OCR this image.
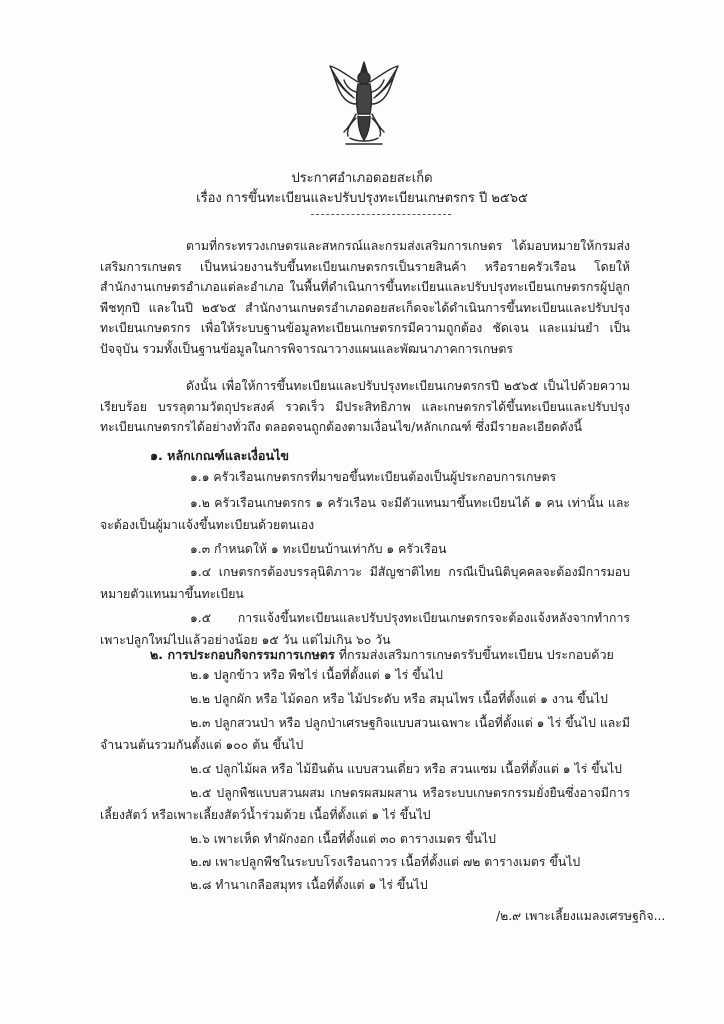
ประกาศอำเภอดอยสะเก็ด
เรื่อง การขึ้นทะเบียนและปรับปรุงทะเบียนเกษตรกร ปี ๒๕๖๕
ตามที่กระทรวงเกษตรและสหกรณ์และกรมส่งเสริมการเกษตร ได้มอบหมายให้กรมส่งเสริมการเกษตร เป็นหน่วยงานรับขึ้นทะเบียนเกษตรกรเป็นรายสินค้า หรือรายครัวเรือน โดยให้สำนักงานเกษตรอำเภอแต่ละอำเภอ ในพื้นที่ดำเนินการขึ้นทะเบียนและปรับปรุงทะเบียนเกษตรกรผู้ปลูกพืชทุกปี และในปี ๒๕๖๕ สำนักงานเกษตรอำเภอดอยสะเก็ดจะได้ดำเนินการขึ้นทะเบียนและปรับปรุงทะเบียนเกษตรกร เพื่อให้ระบบฐานข้อมูลทะเบียนเกษตรกรมีความถูกต้อง ชัดเจน และแม่นยำ เป็นปัจจุบัน รวมทั้งเป็นฐานข้อมูลในการพิจารณาวางแผนและพัฒนาภาคการเกษตร
ดังนั้น เพื่อให้การขึ้นทะเบียนและปรับปรุงทะเบียนเกษตรกรปี ๒๕๖๕ เป็นไปด้วยความเรียบร้อย บรรลุตามวัตถุประสงค์ รวดเร็ว มีประสิทธิภาพ และเกษตรกรได้ขึ้นทะเบียนและปรับปรุงทะเบียนเกษตรกรได้อย่างทั่วถึง ตลอดจนถูกต้องตามเงื่อนไข/หลักเกณฑ์ ซึ่งมีรายละเอียดดังนี้
๑. หลักเกณฑ์และเงื่อนไข
๑.๑ ครัวเรือนเกษตรกรที่มาขอขึ้นทะเบียนต้องเป็นผู้ประกอบการเกษตร
๑.๒ ครัวเรือนเกษตรกร ๑ ครัวเรือน จะมีตัวแทนมาขึ้นทะเบียนได้ ๑ คน เท่านั้น และจะต้องเป็นผู้มาแจ้งขึ้นทะเบียนด้วยตนเอง
๑.๓ กำหนดให้ ๑ ทะเบียนบ้านเท่ากับ ๑ ครัวเรือน
๑.๔ เกษตรกรต้องบรรลุนิติภาวะ มีสัญชาติไทย กรณีเป็นนิติบุคคลจะต้องมีการมอบหมายตัวแทนมาขึ้นทะเบียน
๑.๕ การแจ้งขึ้นทะเบียนและปรับปรุงทะเบียนเกษตรกรจะต้องแจ้งหลังจากทำการเพาะปลูกใหม่ไปแล้วอย่างน้อย ๑๕ วัน แต่ไม่เกิน ๖๐ วัน
๒. การประกอบกิจกรรมการเกษตร ที่กรมส่งเสริมการเกษตรรับขึ้นทะเบียน ประกอบด้วย
๒.๑ ปลูกข้าว หรือ พืชไร่ เนื้อที่ตั้งแต่ ๑ ไร่ ขึ้นไป
๒.๒ ปลูกผัก หรือ ไม้ดอก หรือ ไม้ประดับ หรือ สมุนไพร เนื้อที่ตั้งแต่ ๑ งาน ขึ้นไป
๒.๓ ปลูกสวนป่า หรือ ปลูกป่าเศรษฐกิจแบบสวนเฉพาะ เนื้อที่ตั้งแต่ ๑ ไร่ ขึ้นไป และมีจำนวนต้นรวมกันตั้งแต่ ๑๐๐ ต้น ขึ้นไป
๒.๔ ปลูกไม้ผล หรือ ไม้ยืนต้น แบบสวนเดี่ยว หรือ สวนแซม เนื้อที่ตั้งแต่ ๑ ไร่ ขึ้นไป
๒.๕ ปลูกพืชแบบสวนผสม เกษตรผสมผสาน หรือระบบเกษตรกรรมยั่งยืนซึ่งอาจมีการเลี้ยงสัตว์ หรือเพาะเลี้ยงสัตว์น้ำร่วมด้วย เนื้อที่ตั้งแต่ ๑ ไร่ ขึ้นไป
๒.๖ เพาะเห็ด ทำผักงอก เนื้อที่ตั้งแต่ ๓๐ ตารางเมตร ขึ้นไป
๒.๗ เพาะปลูกพืชในระบบโรงเรือนถาวร เนื้อที่ตั้งแต่ ๗๒ ตารางเมตร ขึ้นไป
๒.๘ ทำนาเกลือสมุทร เนื้อที่ตั้งแต่ ๑ ไร่ ขึ้นไป
/๒.๙ เพาะเลี้ยงแมลงเศรษฐกิจ...
